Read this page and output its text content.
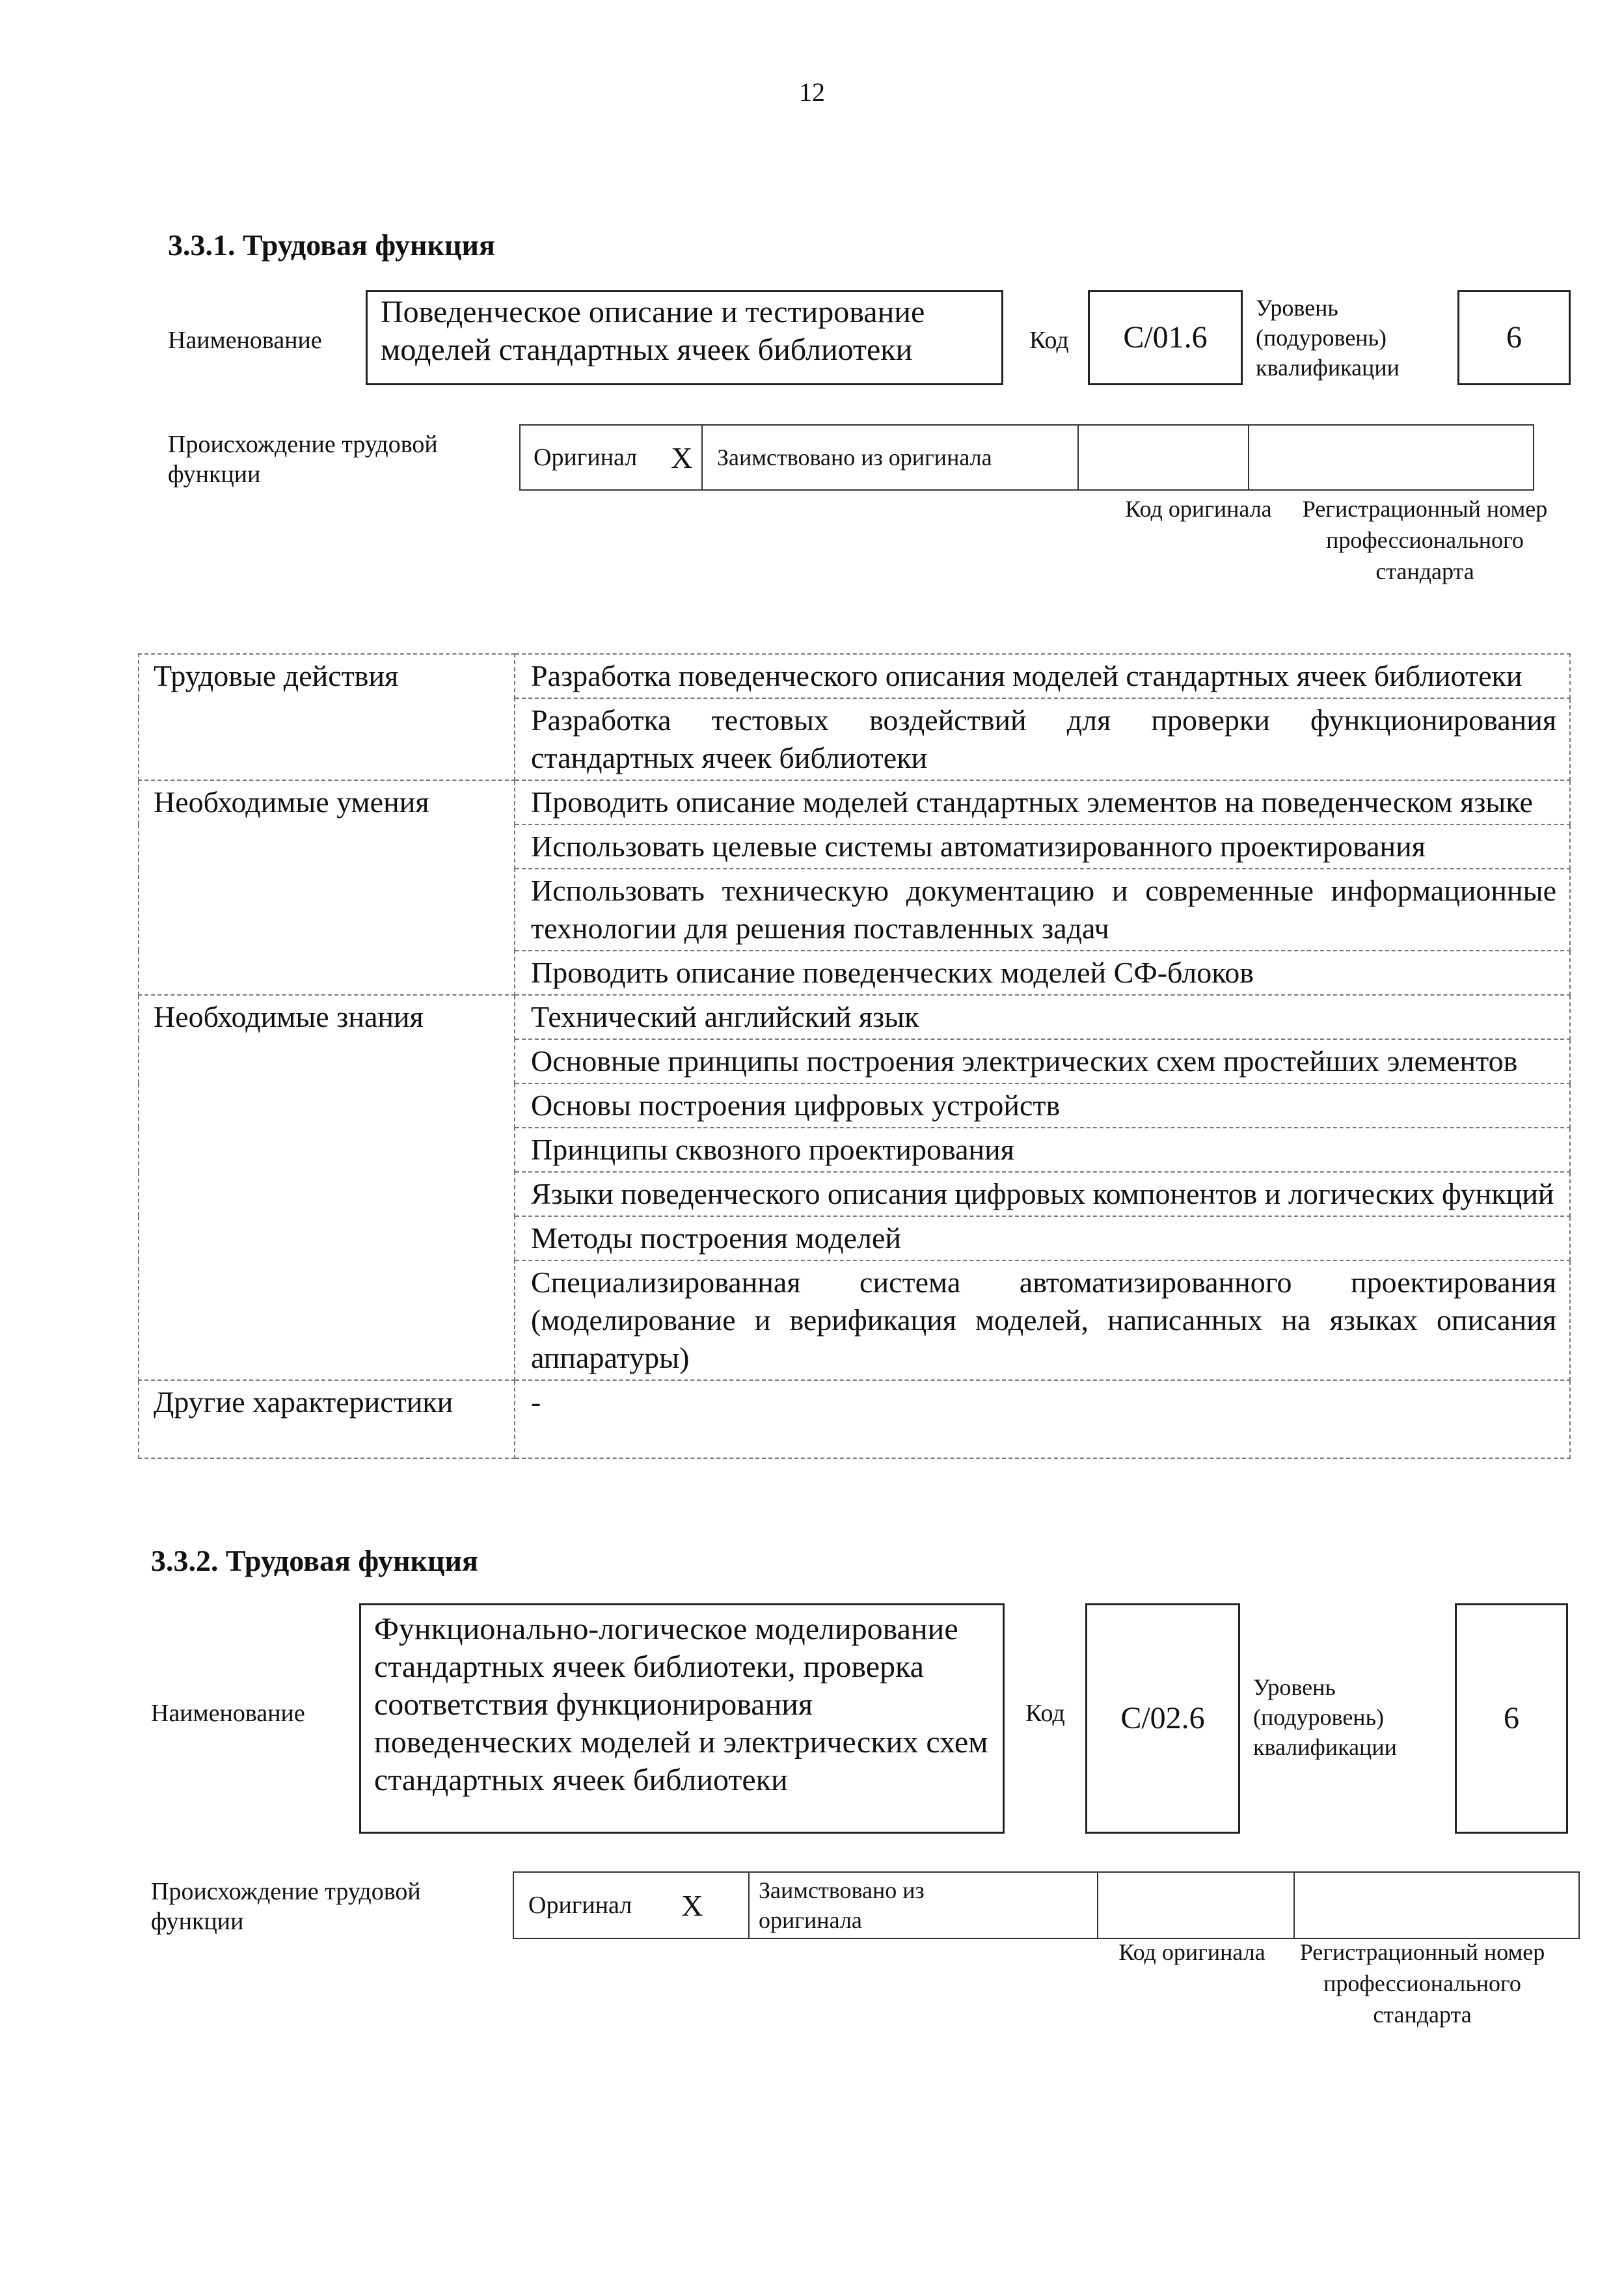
12
3.3.1. Трудовая функция
Наименование
Поведенческое описание и тестирование моделей стандартных ячеек библиотеки	Код C/01.6
Уровень (подуровень) квалификации
6
Происхождение трудовой функции
Оригинал X	Заимствовано из оригинала		
Код оригинала	Регистрационный номер профессионального стандарта
Трудовые действия	Разработка поведенческого описания моделей стандартных ячеек библиотеки
	Разработка тестовых воздействий для проверки функционирования стандартных ячеек библиотеки
Необходимые умения	Проводить описание моделей стандартных элементов на поведенческом языке
	Использовать целевые системы автоматизированного проектирования
	Использовать техническую документацию и современные информационные технологии для решения поставленных задач
	Проводить описание поведенческих моделей СФ-блоков
Необходимые знания	Технический английский язык
	Основные принципы построения электрических схем простейших элементов
	Основы построения цифровых устройств
	Принципы сквозного проектирования
	Языки поведенческого описания цифровых компонентов и логических функций
	Методы построения моделей
	Специализированная система автоматизированного проектирования (моделирование и верификация моделей, написанных на языках описания аппаратуры)
Другие характеристики	-
3.3.2. Трудовая функция
Наименование
Функционально-логическое моделирование стандартных ячеек библиотеки, проверка соответствия функционирования поведенческих моделей и электрических схем стандартных ячеек библиотеки
Код C/02.6
Уровень (подуровень) квалификации
6
Происхождение трудовой функции
Оригинал X	Заимствовано из оригинала

Код оригинала	Регистрационный номер профессионального стандарта
